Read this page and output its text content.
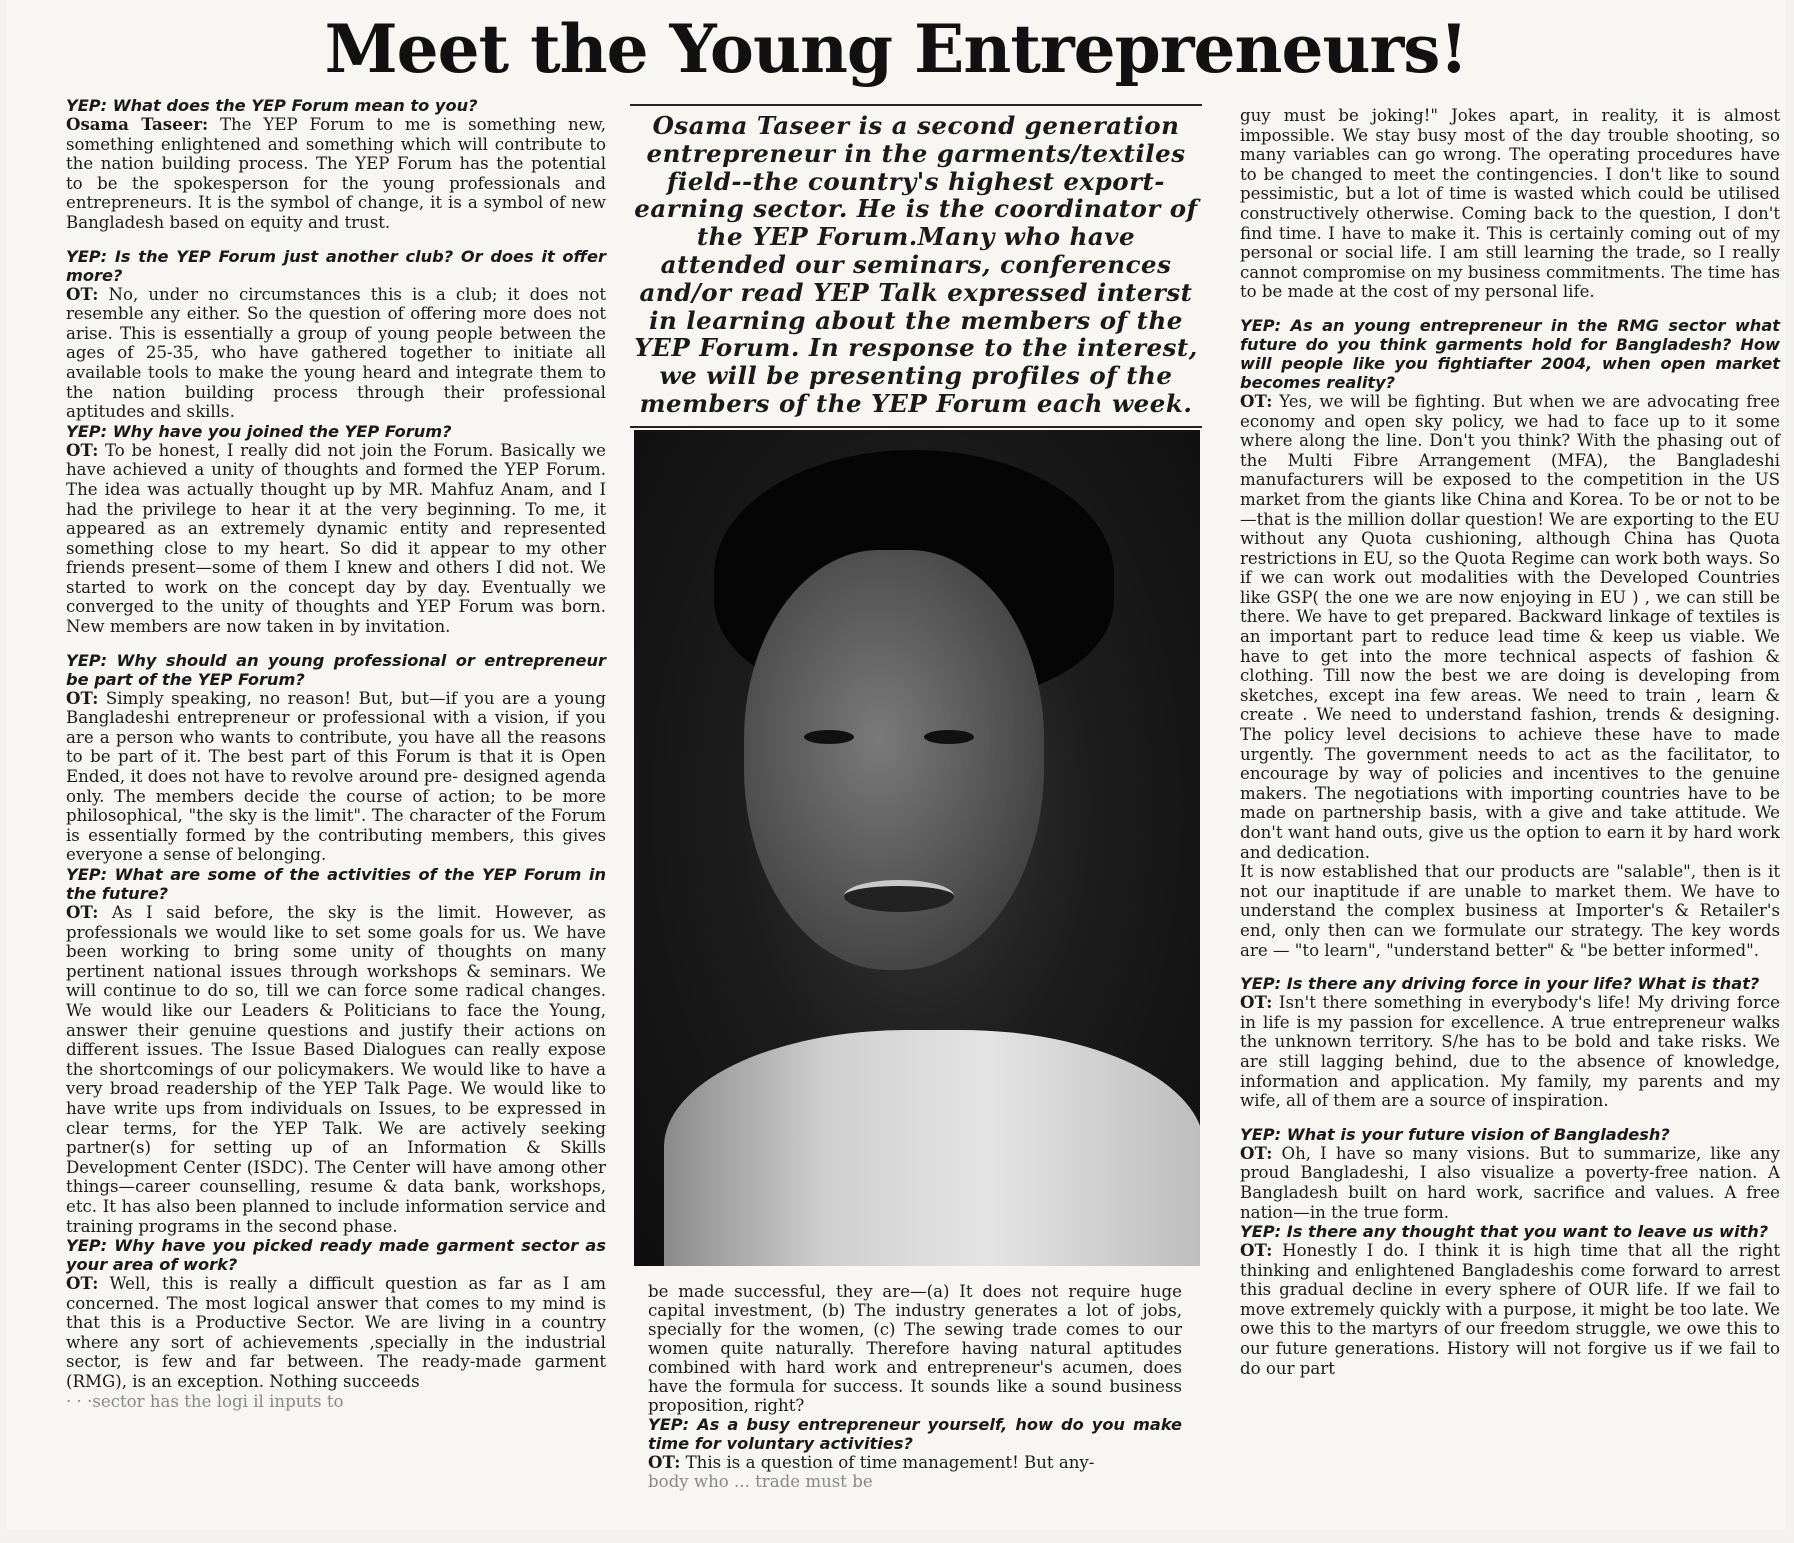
Meet the Young Entrepreneurs!

YEP: What does the YEP Forum mean to you?

Osama Taseer: The YEP Forum to me is something new, something enlightened and something which will contribute to the nation building process. The YEP Forum has the potential to be the spokesperson for the young professionals and entrepreneurs. It is the symbol of change, it is a symbol of new Bangladesh based on equity and trust.

YEP: Is the YEP Forum just another club? Or does it offer more?

OT: No, under no circumstances this is a club; it does not resemble any either. So the question of offering more does not arise. This is essentially a group of young people between the ages of 25-35, who have gathered together to initiate all available tools to make the young heard and integrate them to the nation building process through their professional aptitudes and skills.

YEP: Why have you joined the YEP Forum?

OT: To be honest, I really did not join the Forum. Basically we have achieved a unity of thoughts and formed the YEP Forum. The idea was actually thought up by MR. Mahfuz Anam, and I had the privilege to hear it at the very beginning. To me, it appeared as an extremely dynamic entity and represented something close to my heart. So did it appear to my other friends present—some of them I knew and others I did not. We started to work on the concept day by day. Eventually we converged to the unity of thoughts and YEP Forum was born. New members are now taken in by invitation.

YEP: Why should an young professional or entrepreneur be part of the YEP Forum?

OT: Simply speaking, no reason! But, but—if you are a young Bangladeshi entrepreneur or professional with a vision, if you are a person who wants to contribute, you have all the reasons to be part of it. The best part of this Forum is that it is Open Ended, it does not have to revolve around pre- designed agenda only. The members decide the course of action; to be more philosophical, "the sky is the limit". The character of the Forum is essentially formed by the contributing members, this gives everyone a sense of belonging.

YEP: What are some of the activities of the YEP Forum in the future?

OT: As I said before, the sky is the limit. However, as professionals we would like to set some goals for us. We have been working to bring some unity of thoughts on many pertinent national issues through workshops & seminars. We will continue to do so, till we can force some radical changes. We would like our Leaders & Politicians to face the Young, answer their genuine questions and justify their actions on different issues. The Issue Based Dialogues can really expose the shortcomings of our policymakers. We would like to have a very broad readership of the YEP Talk Page. We would like to have write ups from individuals on Issues, to be expressed in clear terms, for the YEP Talk. We are actively seeking partner(s) for setting up of an Information & Skills Development Center (ISDC). The Center will have among other things—career counselling, resume & data bank, workshops, etc. It has also been planned to include information service and training programs in the second phase.

YEP: Why have you picked ready made garment sector as your area of work?

OT: Well, this is really a difficult question as far as I am concerned. The most logical answer that comes to my mind is that this is a Productive Sector. We are living in a country where any sort of achievements ,specially in the industrial sector, is few and far between. The ready-made garment (RMG), is an exception. Nothing succeeds

· · ·sector has the logi il inputs to

Osama Taseer is a second generation entrepreneur in the garments/textiles field--the country's highest export-earning sector. He is the coordinator of the YEP Forum.Many who have attended our seminars, conferences and/or read YEP Talk expressed interst in learning about the members of the YEP Forum. In response to the interest, we will be presenting profiles of the members of the YEP Forum each week.

be made successful, they are—(a) It does not require huge capital investment, (b) The industry generates a lot of jobs, specially for the women, (c) The sewing trade comes to our women quite naturally. Therefore having natural aptitudes combined with hard work and entrepreneur's acumen, does have the formula for success. It sounds like a sound business proposition, right?

YEP: As a busy entrepreneur yourself, how do you make time for voluntary activities?

OT: This is a question of time management! But any-

body who ... trade must be

guy must be joking!" Jokes apart, in reality, it is almost impossible. We stay busy most of the day trouble shooting, so many variables can go wrong. The operating procedures have to be changed to meet the contingencies. I don't like to sound pessimistic, but a lot of time is wasted which could be utilised constructively otherwise. Coming back to the question, I don't find time. I have to make it. This is certainly coming out of my personal or social life. I am still learning the trade, so I really cannot compromise on my business commitments. The time has to be made at the cost of my personal life.

YEP: As an young entrepreneur in the RMG sector what future do you think garments hold for Bangladesh? How will people like you fightiafter 2004, when open market becomes reality?

OT: Yes, we will be fighting. But when we are advocating free economy and open sky policy, we had to face up to it some where along the line. Don't you think? With the phasing out of the Multi Fibre Arrangement (MFA), the Bangladeshi manufacturers will be exposed to the competition in the US market from the giants like China and Korea. To be or not to be—that is the million dollar question! We are exporting to the EU without any Quota cushioning, although China has Quota restrictions in EU, so the Quota Regime can work both ways. So if we can work out modalities with the Developed Countries like GSP( the one we are now enjoying in EU ) , we can still be there. We have to get prepared. Backward linkage of textiles is an important part to reduce lead time & keep us viable. We have to get into the more technical aspects of fashion & clothing. Till now the best we are doing is developing from sketches, except ina few areas. We need to train , learn & create . We need to understand fashion, trends & designing. The policy level decisions to achieve these have to made urgently. The government needs to act as the facilitator, to encourage by way of policies and incentives to the genuine makers. The negotiations with importing countries have to be made on partnership basis, with a give and take attitude. We don't want hand outs, give us the option to earn it by hard work and dedication.

It is now established that our products are "salable", then is it not our inaptitude if are unable to market them. We have to understand the complex business at Importer's & Retailer's end, only then can we formulate our strategy. The key words are — "to learn", "understand better" & "be better informed".

YEP: Is there any driving force in your life? What is that?

OT: Isn't there something in everybody's life! My driving force in life is my passion for excellence. A true entrepreneur walks the unknown territory. S/he has to be bold and take risks. We are still lagging behind, due to the absence of knowledge, information and application. My family, my parents and my wife, all of them are a source of inspiration.

YEP: What is your future vision of Bangladesh?

OT: Oh, I have so many visions. But to summarize, like any proud Bangladeshi, I also visualize a poverty-free nation. A Bangladesh built on hard work, sacrifice and values. A free nation—in the true form.

YEP: Is there any thought that you want to leave us with?

OT: Honestly I do. I think it is high time that all the right thinking and enlightened Bangladeshis come forward to arrest this gradual decline in every sphere of OUR life. If we fail to move extremely quickly with a purpose, it might be too late. We owe this to the martyrs of our freedom struggle, we owe this to our future generations. History will not forgive us if we fail to do our part
